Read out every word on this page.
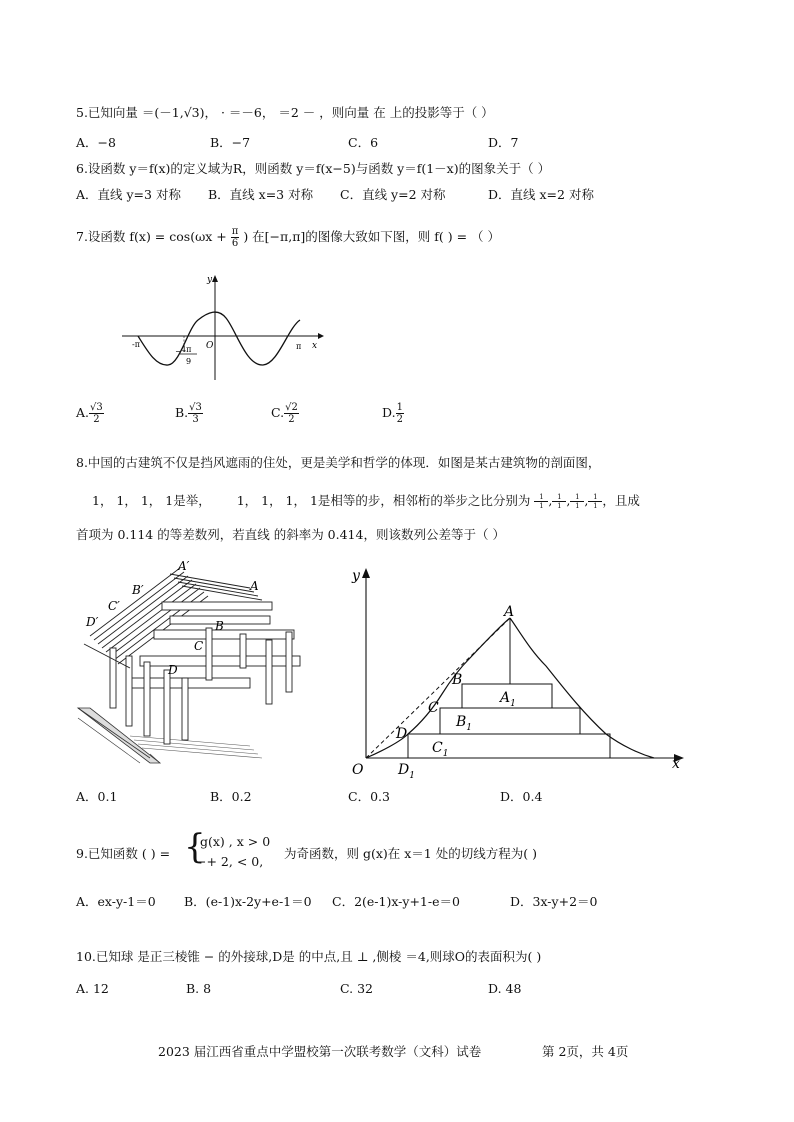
5.已知向量 ＝(－1,√3)， · ＝－6， ＝2 － ，则向量 在 上的投影等于（ ）
A．−8	B．−7	C．6	D．7
6.设函数 y＝f(x)的定义域为R，则函数 y＝f(x−5)与函数 y＝f(1－x)的图象关于（ ）
A．直线 y=3 对称 B．直线 x=3 对称 C．直线 y=2 对称	D．直线 x=2 对称
7.设函数 $f(x) = \cos(\omega x + \frac{\pi}{6}$ ) 在[−π,π]的图像大致如下图，则 f( ) = （ ）
y
x
O
-π	π
− 4π
9
A. $\frac{√3}{2}$	B. $\frac{√3}{3}$	C. $\frac{√2}{2}$	D. $\frac{1}{2}$
8.中国的古建筑不仅是挡风遮雨的住处，更是美学和哲学的体现．如图是某古建筑物的剖面图，
1， 1， 1， 1是举， 1， 1， 1， 1是相等的步，相邻桁的举步之比分别为 $\frac{1}{1}$, $\frac{1}{1}$, $\frac{1}{1}$, $\frac{1}{1}$，且成
首项为 0.114 的等差数列，若直线 的斜率为 0.414，则该数列公差等于（ ）
A′
B′
C′
D′
A
B
C
D
y
x
O
A
B
C
D
$A_1$
$B_1$
$C_1$
$D_1$
A．0.1	B．0.2	C．0.3	D．0.4
9.已知函数 ( ) = {
g(x) , x > 0
−+ 2, < 0,
为奇函数，则 g(x)在 x＝1 处的切线方程为( )
A．ex-y-1＝0 B．(e-1)x-2y+e-1＝0 C．2(e-1)x-y+1-e＝0	D．3x-y+2＝0
10.已知球 是正三棱锥 − 的外接球,D是 的中点,且 ⊥ ,侧棱 ＝4,则球O的表面积为( )
A. 12	B. 8	C. 32	D. 48
2023 届江西省重点中学盟校第一次联考数学（文科）试卷	第 2页，共 4页
